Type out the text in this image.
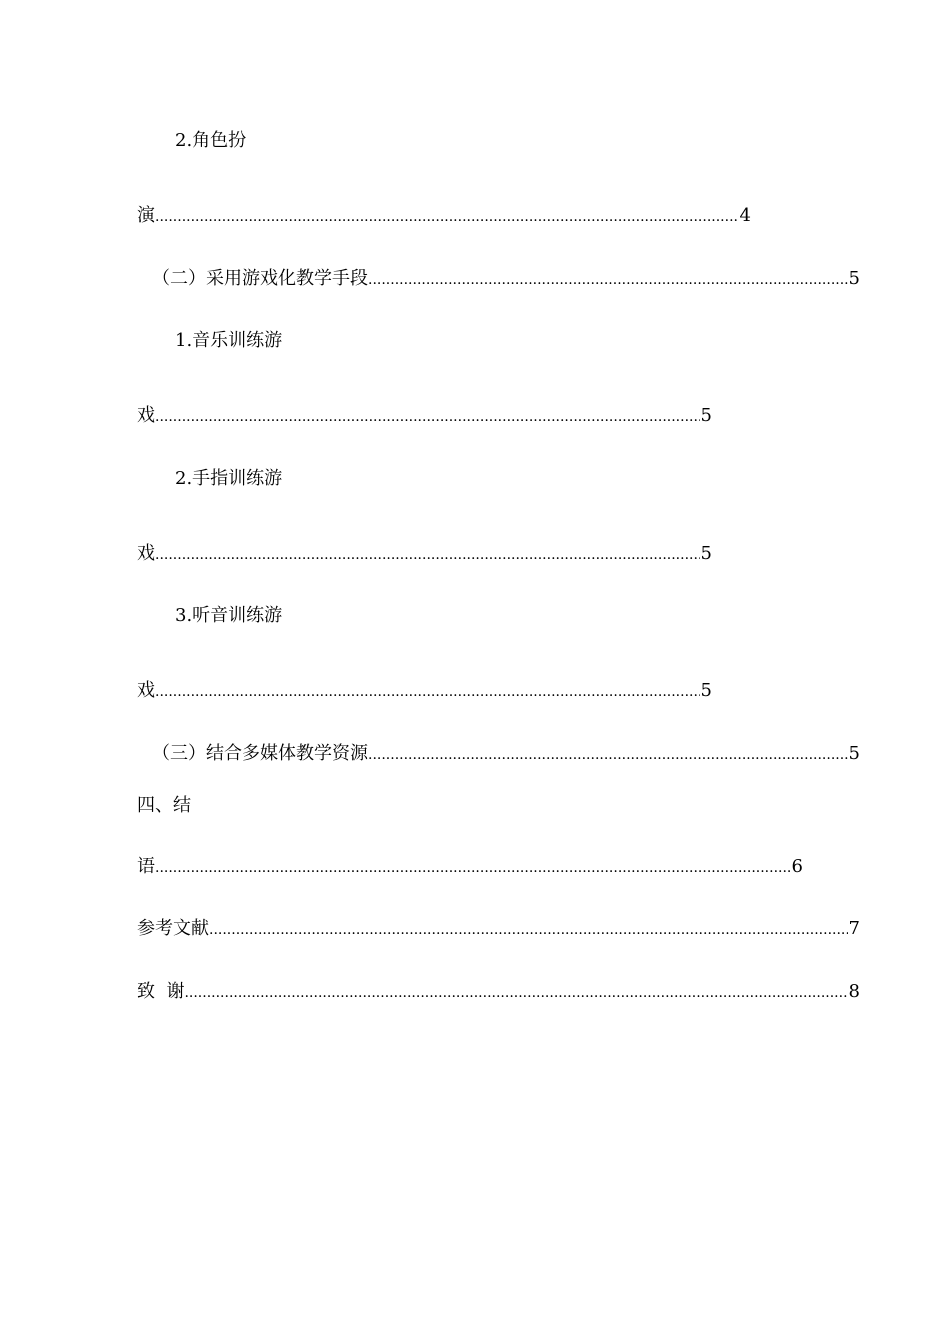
2.角色扮
演 .....	4
（二）采用游戏化教学手段 .....	5
1.音乐训练游
戏 .....	5
2.手指训练游
戏 .....	5
3.听音训练游
戏 .....	5
（三）结合多媒体教学资源 .....	5
四、结
语 .....	6
参考文献 .....	7
致  谢 .....	8
